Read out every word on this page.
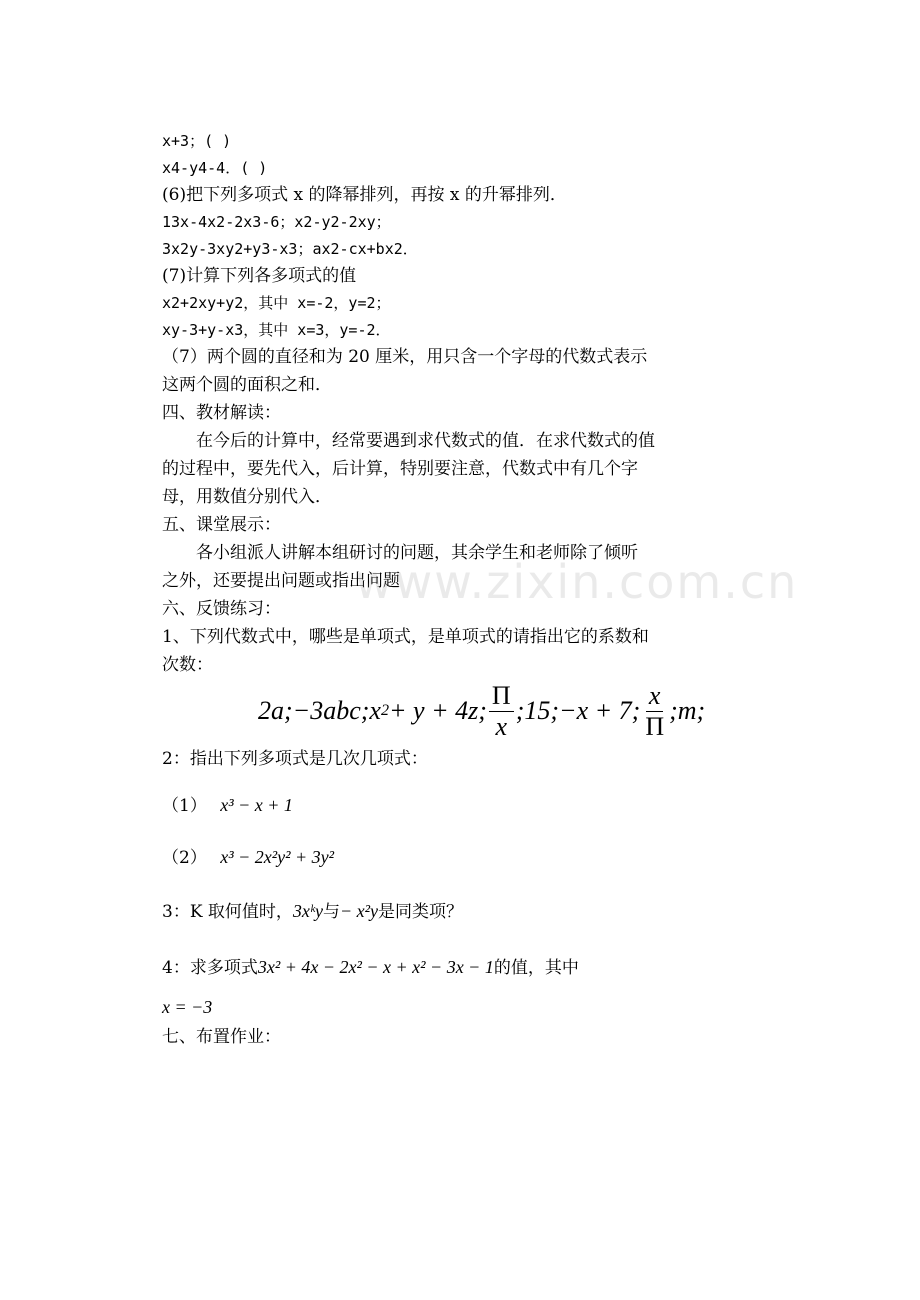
x+3；( )
x4-y4-4．( )
(6)把下列多项式 x 的降幂排列，再按 x 的升幂排列．
13x-4x2-2x3-6；x2-y2-2xy；
3x2y-3xy2+y3-x3；ax2-cx+bx2．
(7)计算下列各多项式的值
x2+2xy+y2，其中 x=-2，y=2；
xy-3+y-x3，其中 x=3，y=-2．
（7）两个圆的直径和为 20 厘米，用只含一个字母的代数式表示
这两个圆的面积之和．
四、教材解读：
在今后的计算中，经常要遇到求代数式的值．在求代数式的值
的过程中，要先代入，后计算，特别要注意，代数式中有几个字
母，用数值分别代入．
五、课堂展示：
各小组派人讲解本组研讨的问题，其余学生和老师除了倾听
之外，还要提出问题或指出问题
六、反馈练习：
1、下列代数式中，哪些是单项式，是单项式的请指出它的系数和
次数：
2a;−3abc;x 2 + y + 4z; $\frac{\Pi}{x}$ ;15;−x + 7; $\frac{x}{\Pi}$ ;m;
2：指出下列多项式是几次几项式：
（1） x³ − x + 1
（2） x³ − 2x²y² + 3y²
3：K 取何值时，3xᵏy与− x²y是同类项？
4：求多项式3x² + 4x − 2x² − x + x² − 3x − 1的值，其中
x = −3
七、布置作业：
www.zixin.com.cn
